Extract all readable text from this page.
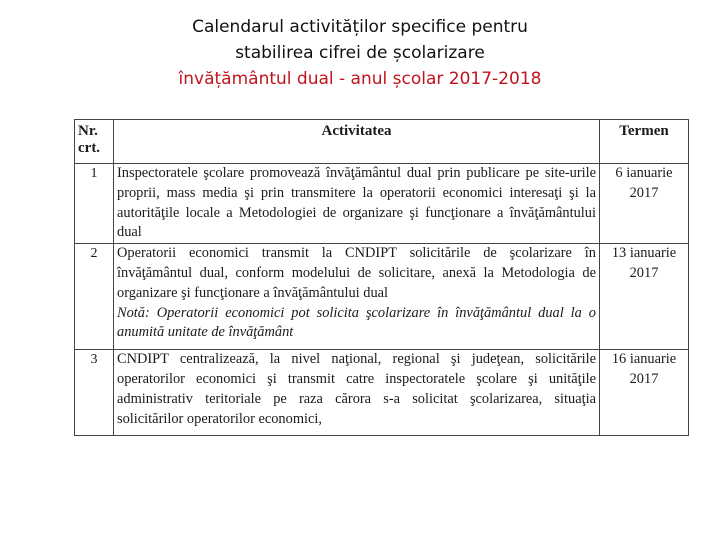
Calendarul activităților specifice pentru
stabilirea cifrei de școlarizare
învățământul dual - anul școlar 2017-2018
Nr. crt.	Activitatea	Termen
1	Inspectoratele şcolare promovează învăţământul dual prin publicare pe site-urile proprii, mass media şi prin transmitere la operatorii economici interesaţi şi la autorităţile locale a Metodologiei de organizare şi funcţionare a învăţământului dual	6 ianuarie 2017
2	Operatorii economici transmit la CNDIPT solicitările de şcolarizare în învăţământul dual, conform modelului de solicitare, anexă la Metodologia de organizare şi funcţionare a învăţământului dual
Notă: Operatorii economici pot solicita şcolarizare în învăţământul dual la o anumită unitate de învăţământ	13 ianuarie 2017
3	CNDIPT centralizează, la nivel naţional, regional şi judeţean, solicitările operatorilor economici şi transmit catre inspectoratele şcolare şi unităţile administrativ teritoriale pe raza cărora s-a solicitat şcolarizarea, situaţia solicitărilor operatorilor economici,	16 ianuarie 2017
